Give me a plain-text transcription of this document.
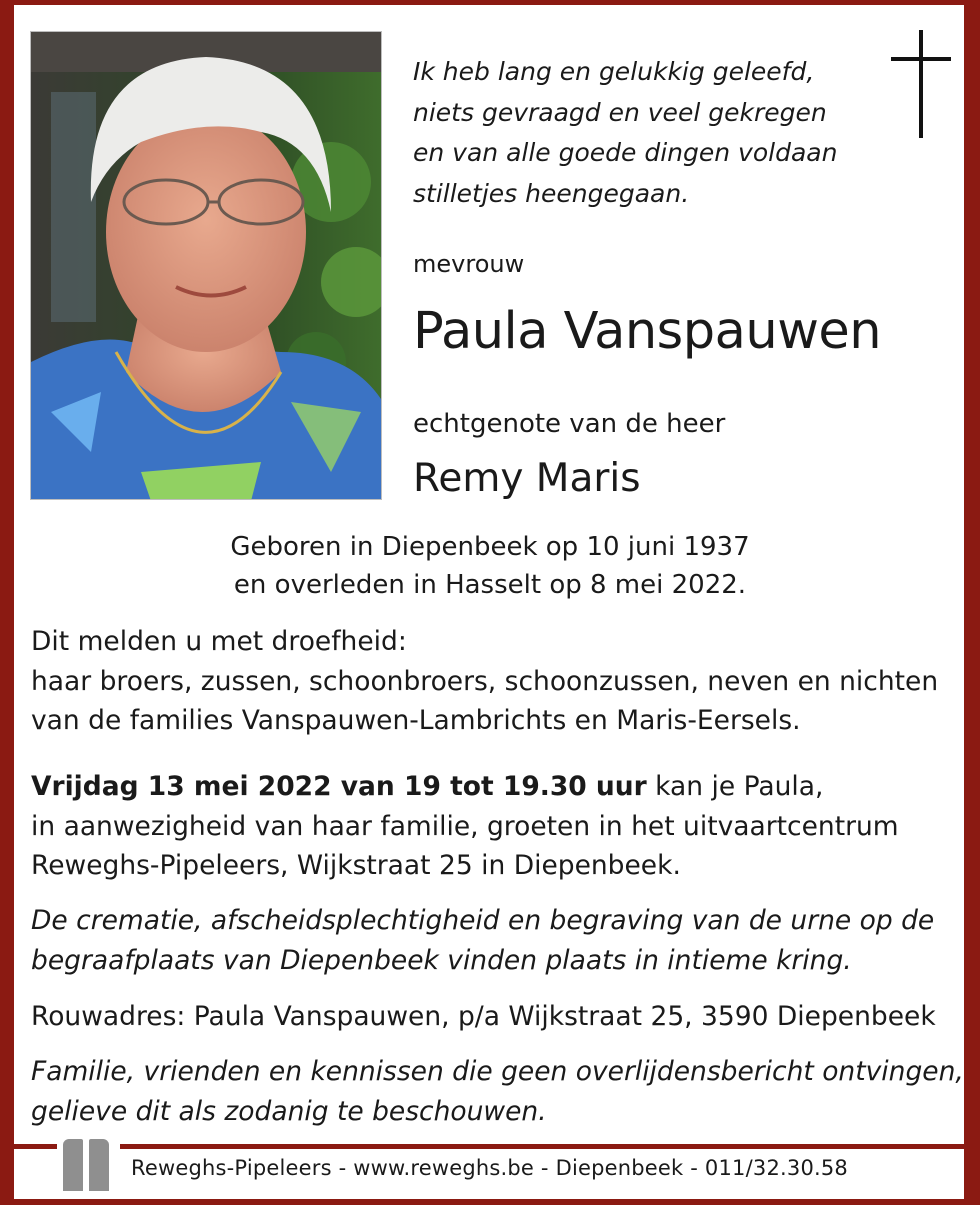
Ik heb lang en gelukkig geleefd,
niets gevraagd en veel gekregen
en van alle goede dingen voldaan
stilletjes heengegaan.

mevrouw
Paula Vanspauwen
echtgenote van de heer
Remy Maris
Geboren in Diepenbeek op 10 juni 1937
en overleden in Hasselt op 8 mei 2022.
Dit melden u met droefheid:
haar broers, zussen, schoonbroers, schoonzussen, neven en nichten
van de families Vanspauwen-Lambrichts en Maris-Eersels.
Vrijdag 13 mei 2022 van 19 tot 19.30 uur kan je Paula,
in aanwezigheid van haar familie, groeten in het uitvaartcentrum
Reweghs-Pipeleers, Wijkstraat 25 in Diepenbeek.
De crematie, afscheidsplechtigheid en begraving van de urne op de
begraafplaats van Diepenbeek vinden plaats in intieme kring.
Rouwadres: Paula Vanspauwen, p/a Wijkstraat 25, 3590 Diepenbeek
Familie, vrienden en kennissen die geen overlijdensbericht ontvingen,
gelieve dit als zodanig te beschouwen.
Reweghs-Pipeleers - www.reweghs.be - Diepenbeek - 011/32.30.58
